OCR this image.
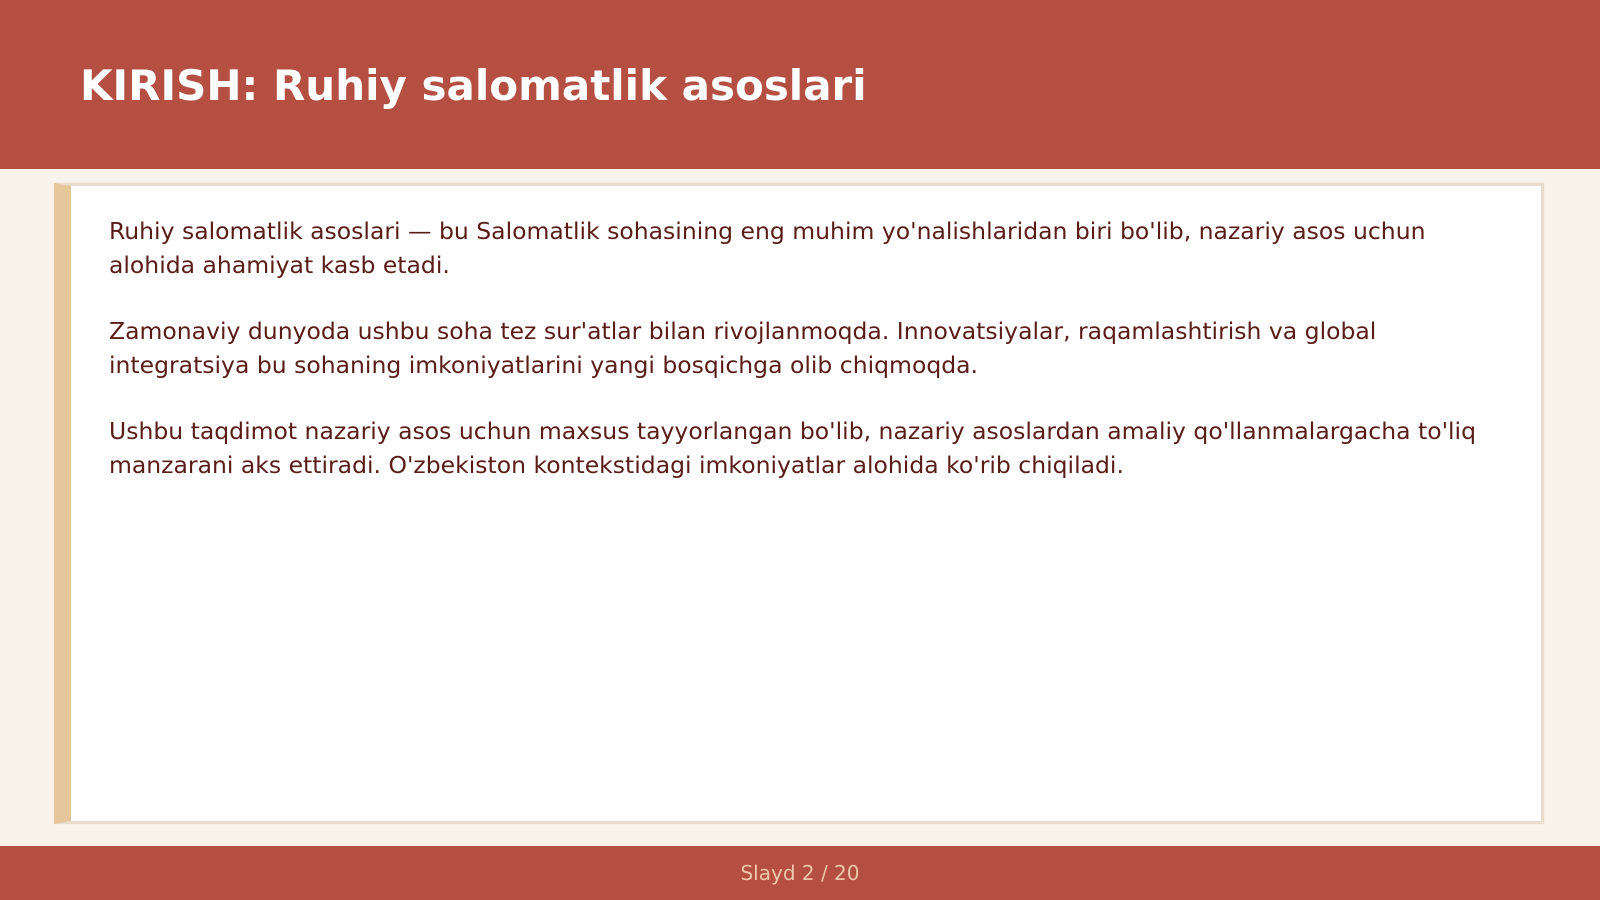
KIRISH: Ruhiy salomatlik asoslari

Ruhiy salomatlik asoslari — bu Salomatlik sohasining eng muhim yo'nalishlaridan biri bo'lib, nazariy asos uchun alohida ahamiyat kasb etadi.

Zamonaviy dunyoda ushbu soha tez sur'atlar bilan rivojlanmoqda. Innovatsiyalar, raqamlashtirish va global integratsiya bu sohaning imkoniyatlarini yangi bosqichga olib chiqmoqda.

Ushbu taqdimot nazariy asos uchun maxsus tayyorlangan bo'lib, nazariy asoslardan amaliy qo'llanmalargacha to'liq manzarani aks ettiradi. O'zbekiston kontekstidagi imkoniyatlar alohida ko'rib chiqiladi.

Slayd 2 / 20
